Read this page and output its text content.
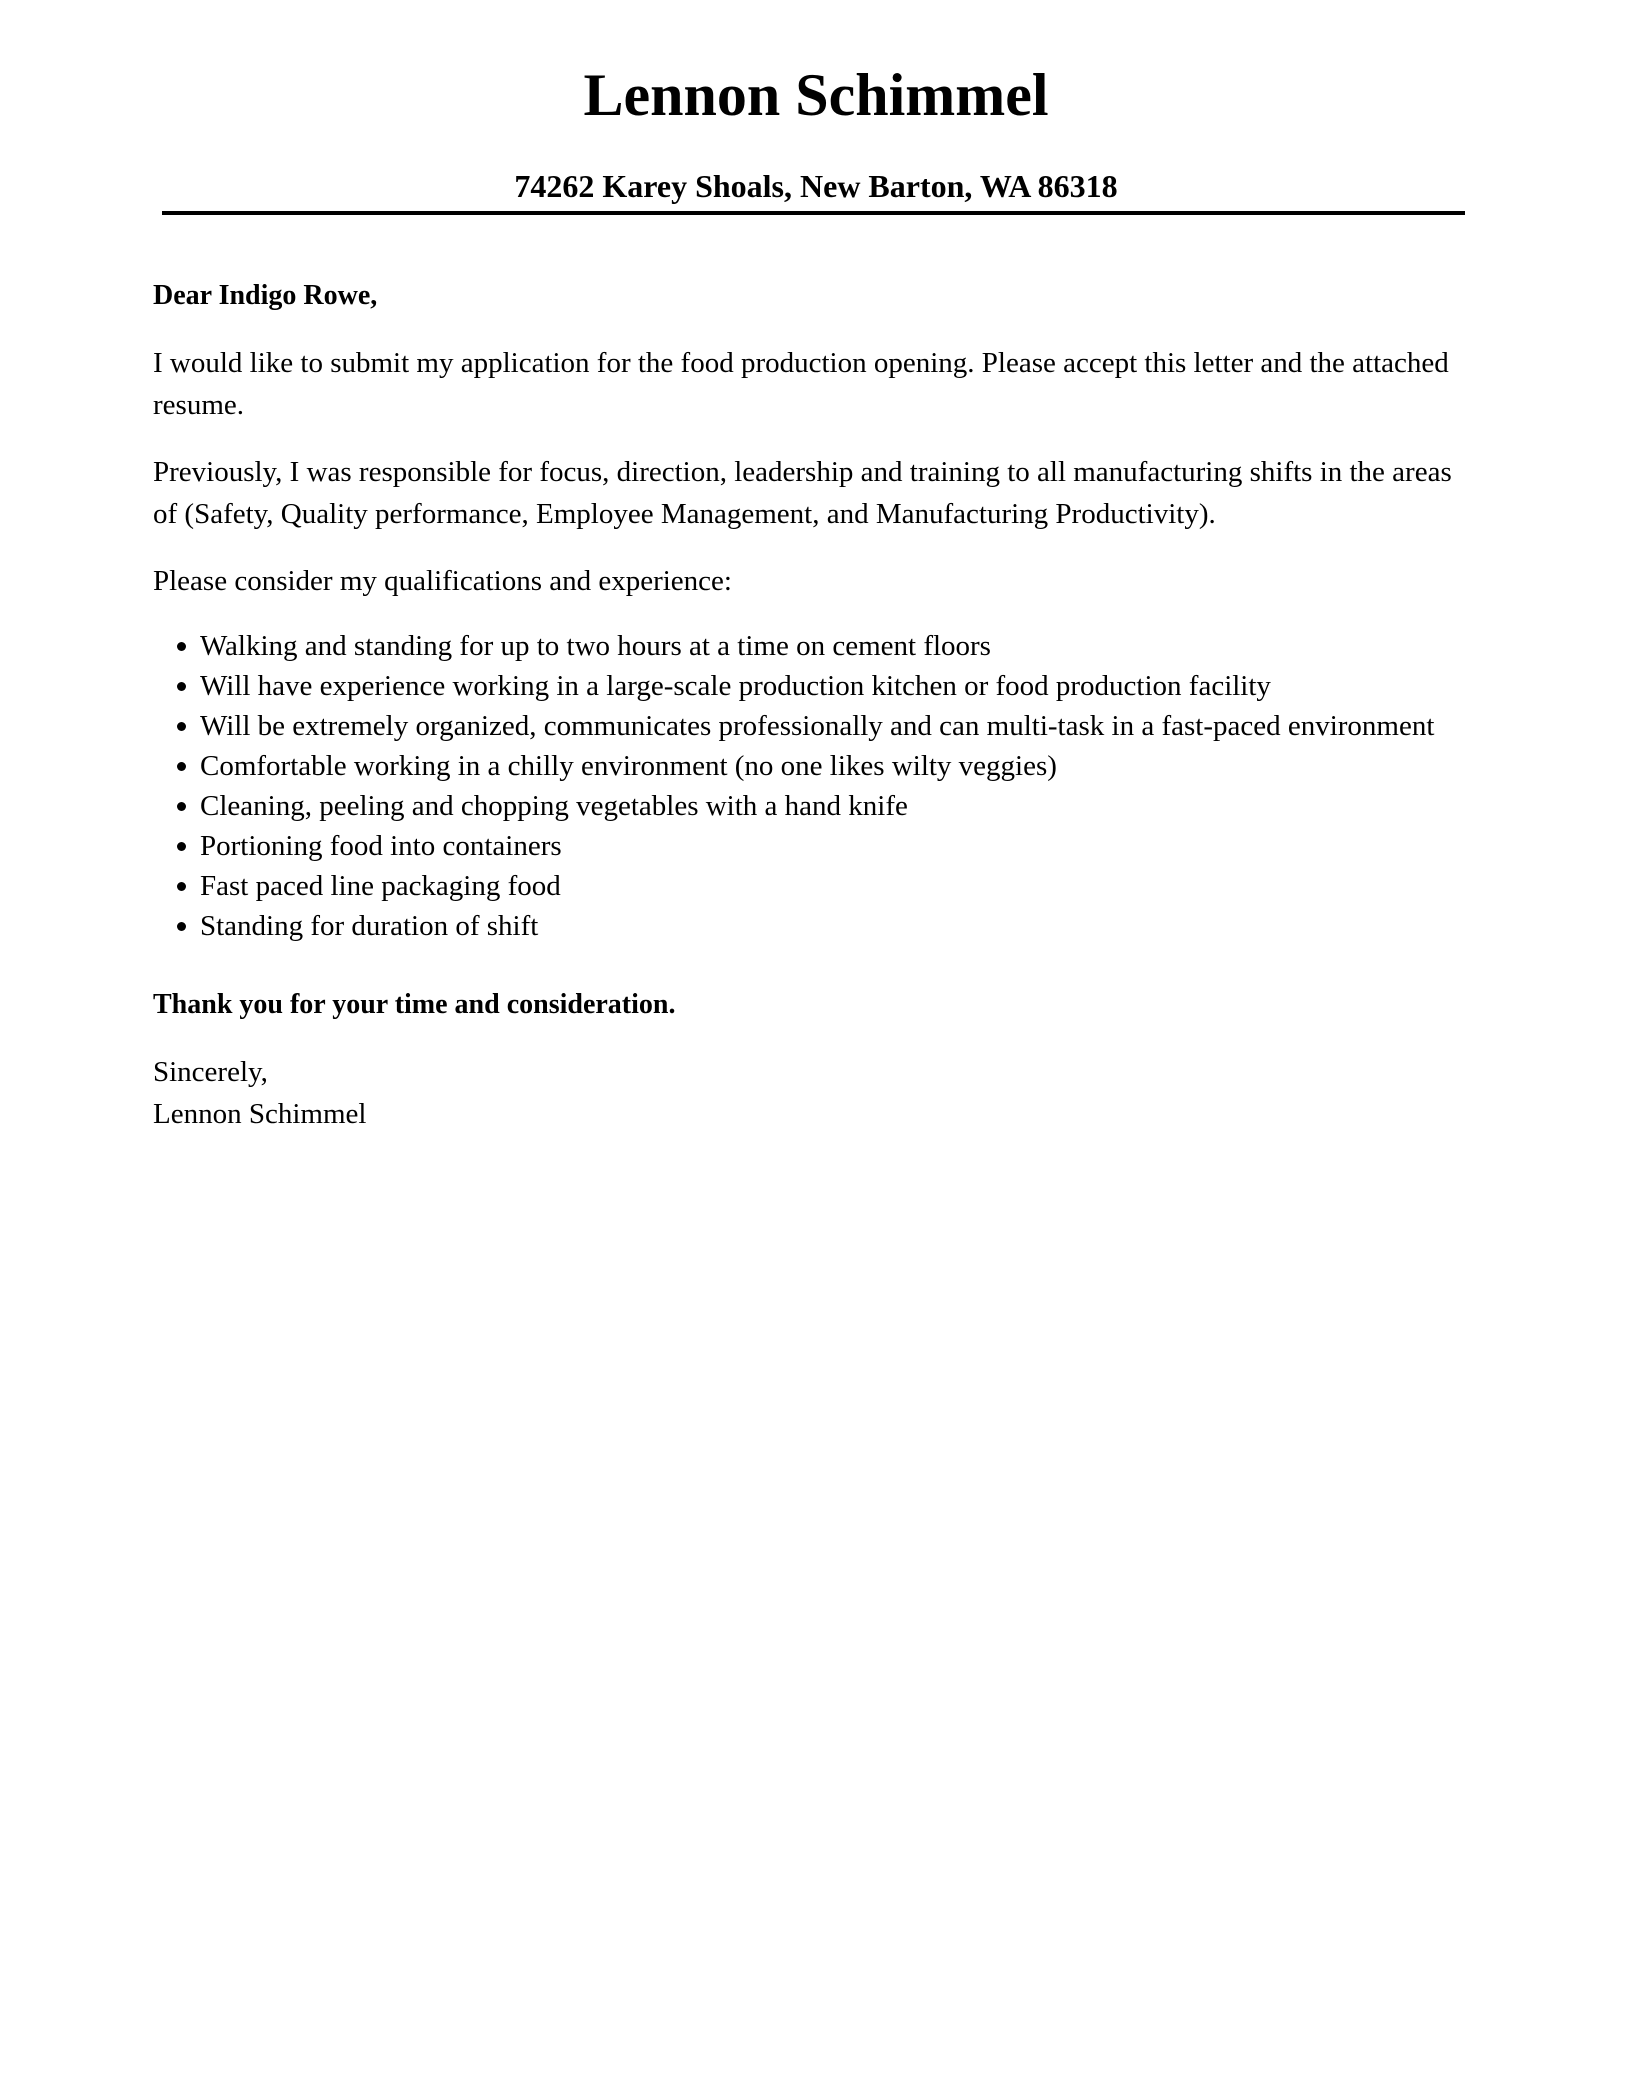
Lennon Schimmel
74262 Karey Shoals, New Barton, WA 86318

Dear Indigo Rowe,

I would like to submit my application for the food production opening. Please accept this letter and the attached resume.

Previously, I was responsible for focus, direction, leadership and training to all manufacturing shifts in the areas of (Safety, Quality performance, Employee Management, and Manufacturing Productivity).

Please consider my qualifications and experience:

Walking and standing for up to two hours at a time on cement floors
Will have experience working in a large-scale production kitchen or food production facility
Will be extremely organized, communicates professionally and can multi-task in a fast-paced environment
Comfortable working in a chilly environment (no one likes wilty veggies)
Cleaning, peeling and chopping vegetables with a hand knife
Portioning food into containers
Fast paced line packaging food
Standing for duration of shift

Thank you for your time and consideration.

Sincerely,

Lennon Schimmel
